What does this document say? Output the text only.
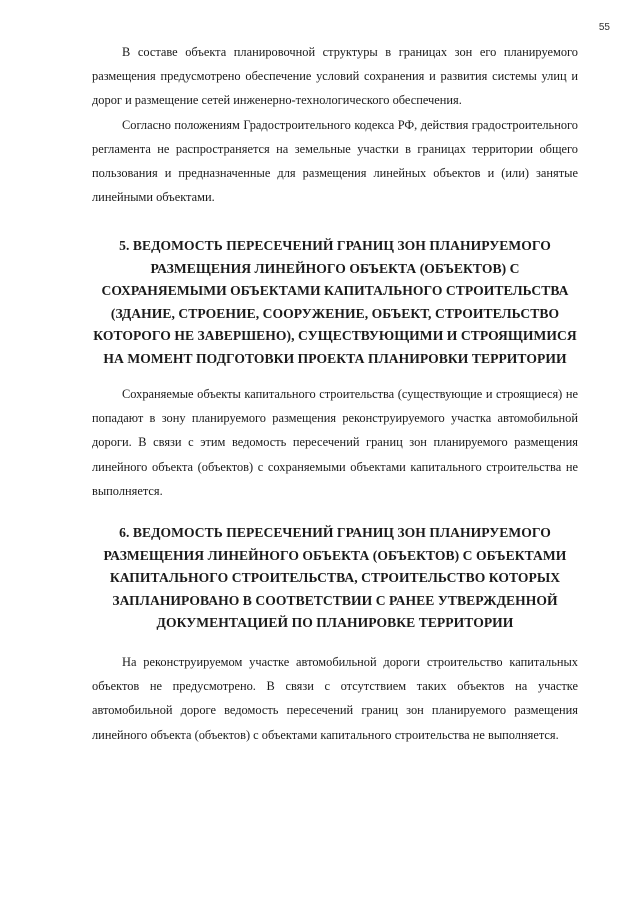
55

В составе объекта планировочной структуры в границах зон его планируемого размещения предусмотрено обеспечение условий сохранения и развития системы улиц и дорог и размещение сетей инженерно-технологического обеспечения.

Согласно положениям Градостроительного кодекса РФ, действия градостроительного регламента не распространяется на земельные участки в границах территории общего пользования и предназначенные для размещения линейных объектов и (или) занятые линейными объектами.

5. ВЕДОМОСТЬ ПЕРЕСЕЧЕНИЙ ГРАНИЦ ЗОН ПЛАНИРУЕМОГО РАЗМЕЩЕНИЯ ЛИНЕЙНОГО ОБЪЕКТА (ОБЪЕКТОВ) С СОХРАНЯЕМЫМИ ОБЪЕКТАМИ КАПИТАЛЬНОГО СТРОИТЕЛЬСТВА (ЗДАНИЕ, СТРОЕНИЕ, СООРУЖЕНИЕ, ОБЪЕКТ, СТРОИТЕЛЬСТВО КОТОРОГО НЕ ЗАВЕРШЕНО), СУЩЕСТВУЮЩИМИ И СТРОЯЩИМИСЯ НА МОМЕНТ ПОДГОТОВКИ ПРОЕКТА ПЛАНИРОВКИ ТЕРРИТОРИИ

Сохраняемые объекты капитального строительства (существующие и строящиеся) не попадают в зону планируемого размещения реконструируемого участка автомобильной дороги. В связи с этим ведомость пересечений границ зон планируемого размещения линейного объекта (объектов) с сохраняемыми объектами капитального строительства не выполняется.

6. ВЕДОМОСТЬ ПЕРЕСЕЧЕНИЙ ГРАНИЦ ЗОН ПЛАНИРУЕМОГО РАЗМЕЩЕНИЯ ЛИНЕЙНОГО ОБЪЕКТА (ОБЪЕКТОВ) С ОБЪЕКТАМИ КАПИТАЛЬНОГО СТРОИТЕЛЬСТВА, СТРОИТЕЛЬСТВО КОТОРЫХ ЗАПЛАНИРОВАНО В СООТВЕТСТВИИ С РАНЕЕ УТВЕРЖДЕННОЙ ДОКУМЕНТАЦИЕЙ ПО ПЛАНИРОВКЕ ТЕРРИТОРИИ

На реконструируемом участке автомобильной дороги строительство капитальных объектов не предусмотрено. В связи с отсутствием таких объектов на участке автомобильной дороге ведомость пересечений границ зон планируемого размещения линейного объекта (объектов) с объектами капитального строительства не выполняется.
